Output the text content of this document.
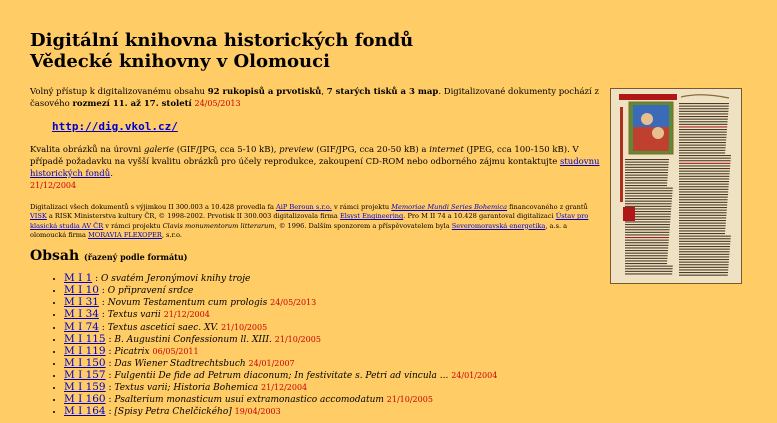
Digitální knihovna historických fondů
Vědecké knihovny v Olomouci

Volný přístup k digitalizovanému obsahu 92 rukopisů a prvotisků, 7 starých tisků a 3 map. Digitalizované dokumenty pochází z časového rozmezí 11. až 17. století 24/05/2013

http://dig.vkol.cz/

Kvalita obrázků na úrovni galerie (GIF/JPG, cca 5-10 kB), preview (GIF/JPG, cca 20-50 kB) a internet (JPEG, cca 100-150 kB). V případě požadavku na vyšší kvalitu obrázků pro účely reprodukce, zakoupení CD-ROM nebo odborného zájmu kontaktujte studovnu historických fondů.
21/12/2004

Digitalizaci všech dokumentů s výjimkou II 300.003 a 10.428 provedla fa AiP Beroun s.r.o. v rámci projektu Memoriae Mundi Series Bohemica financovaného z grantů VISK a RISK Ministerstva kultury ČR, © 1998-2002. Prvotisk II 300.003 digitalizovala firma Elsyst Engineering. Pro M II 74 a 10.428 garantoval digitalizaci Ústav pro klasická studia AV ČR v rámci projektu Clavis monumentorum litterarum, © 1996. Dalším sponzorem a příspěvovatelem byla Severomoravská energetika, a.s. a olomoucká firma MORAVIA FLEXOPER, s.r.o.

Obsah (řazený podle formátu)
• M I 1 : O svatém Jeronýmovi knihy troje
• M I 10 : O připravení srdce
• M I 31 : Novum Testamentum cum prologis 24/05/2013
• M I 34 : Textus varii 21/12/2004
• M I 74 : Textus ascetici saec. XV. 21/10/2005
• M I 115 : B. Augustini Confessionum ll. XIII. 21/10/2005
• M I 119 : Picatrix 06/05/2011
• M I 150 : Das Wiener Stadtrechtsbuch 24/01/2007
• M I 157 : Fulgentii De fide ad Petrum diaconum; In festivitate s. Petri ad vincula ... 24/01/2004
• M I 159 : Textus varii; Historia Bohemica 21/12/2004
• M I 160 : Psalterium monasticum usui extramonastico accomodatum 21/10/2005
• M I 164 : [Spisy Petra Chelčického] 19/04/2003
